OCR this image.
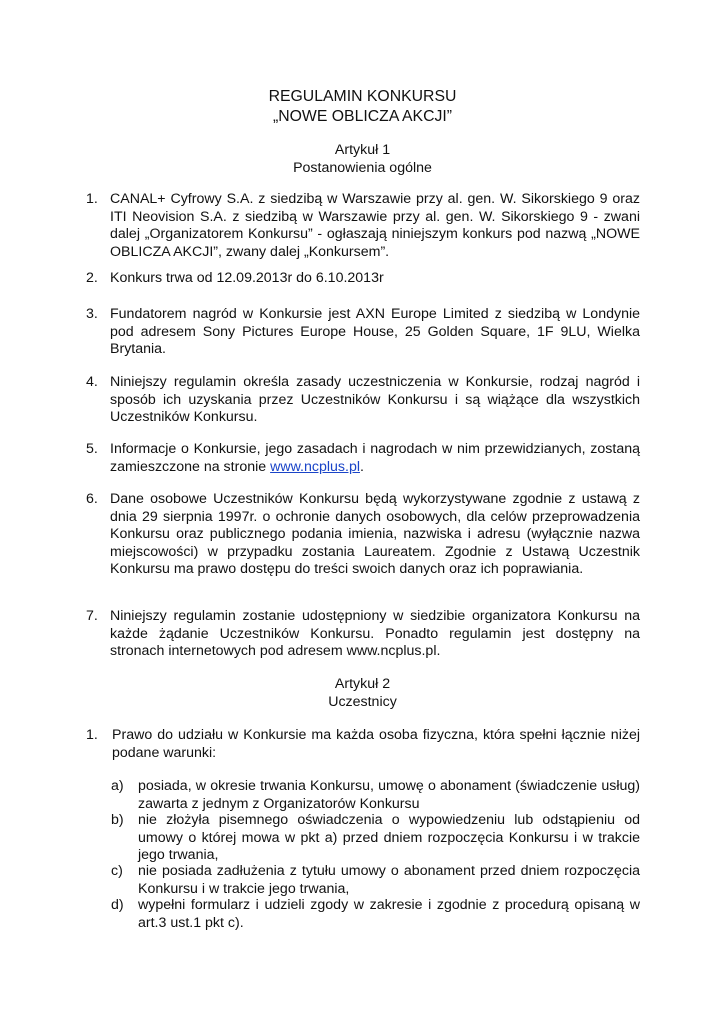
REGULAMIN KONKURSU
„NOWE OBLICZA AKCJI”
Artykuł 1
Postanowienia ogólne
1. CANAL+ Cyfrowy S.A. z siedzibą w Warszawie przy al. gen. W. Sikorskiego 9 oraz ITI Neovision S.A. z siedzibą w Warszawie przy al. gen. W. Sikorskiego 9 - zwani dalej „Organizatorem Konkursu” - ogłaszają niniejszym konkurs pod nazwą „NOWE OBLICZA AKCJI”, zwany dalej „Konkursem”.
2. Konkurs trwa od 12.09.2013r do 6.10.2013r
3. Fundatorem nagród w Konkursie jest AXN Europe Limited z siedzibą w Londynie pod adresem Sony Pictures Europe House, 25 Golden Square, 1F 9LU, Wielka Brytania.
4. Niniejszy regulamin określa zasady uczestniczenia w Konkursie, rodzaj nagród i sposób ich uzyskania przez Uczestników Konkursu i są wiążące dla wszystkich Uczestników Konkursu.
5. Informacje o Konkursie, jego zasadach i nagrodach w nim przewidzianych, zostaną zamieszczone na stronie www.ncplus.pl.
6. Dane osobowe Uczestników Konkursu będą wykorzystywane zgodnie z ustawą z dnia 29 sierpnia 1997r. o ochronie danych osobowych, dla celów przeprowadzenia Konkursu oraz publicznego podania imienia, nazwiska i adresu (wyłącznie nazwa miejscowości) w przypadku zostania Laureatem. Zgodnie z Ustawą Uczestnik Konkursu ma prawo dostępu do treści swoich danych oraz ich poprawiania.
7. Niniejszy regulamin zostanie udostępniony w siedzibie organizatora Konkursu na każde żądanie Uczestników Konkursu. Ponadto regulamin jest dostępny na stronach internetowych pod adresem www.ncplus.pl.
Artykuł 2
Uczestnicy
1. Prawo do udziału w Konkursie ma każda osoba fizyczna, która spełni łącznie niżej podane warunki:
a) posiada, w okresie trwania Konkursu, umowę o abonament (świadczenie usług) zawarta z jednym z Organizatorów Konkursu
b) nie złożyła pisemnego oświadczenia o wypowiedzeniu lub odstąpieniu od umowy o której mowa w pkt a) przed dniem rozpoczęcia Konkursu i w trakcie jego trwania,
c) nie posiada zadłużenia z tytułu umowy o abonament przed dniem rozpoczęcia Konkursu i w trakcie jego trwania,
d) wypełni formularz i udzieli zgody w zakresie i zgodnie z procedurą opisaną w art.3 ust.1 pkt c).
